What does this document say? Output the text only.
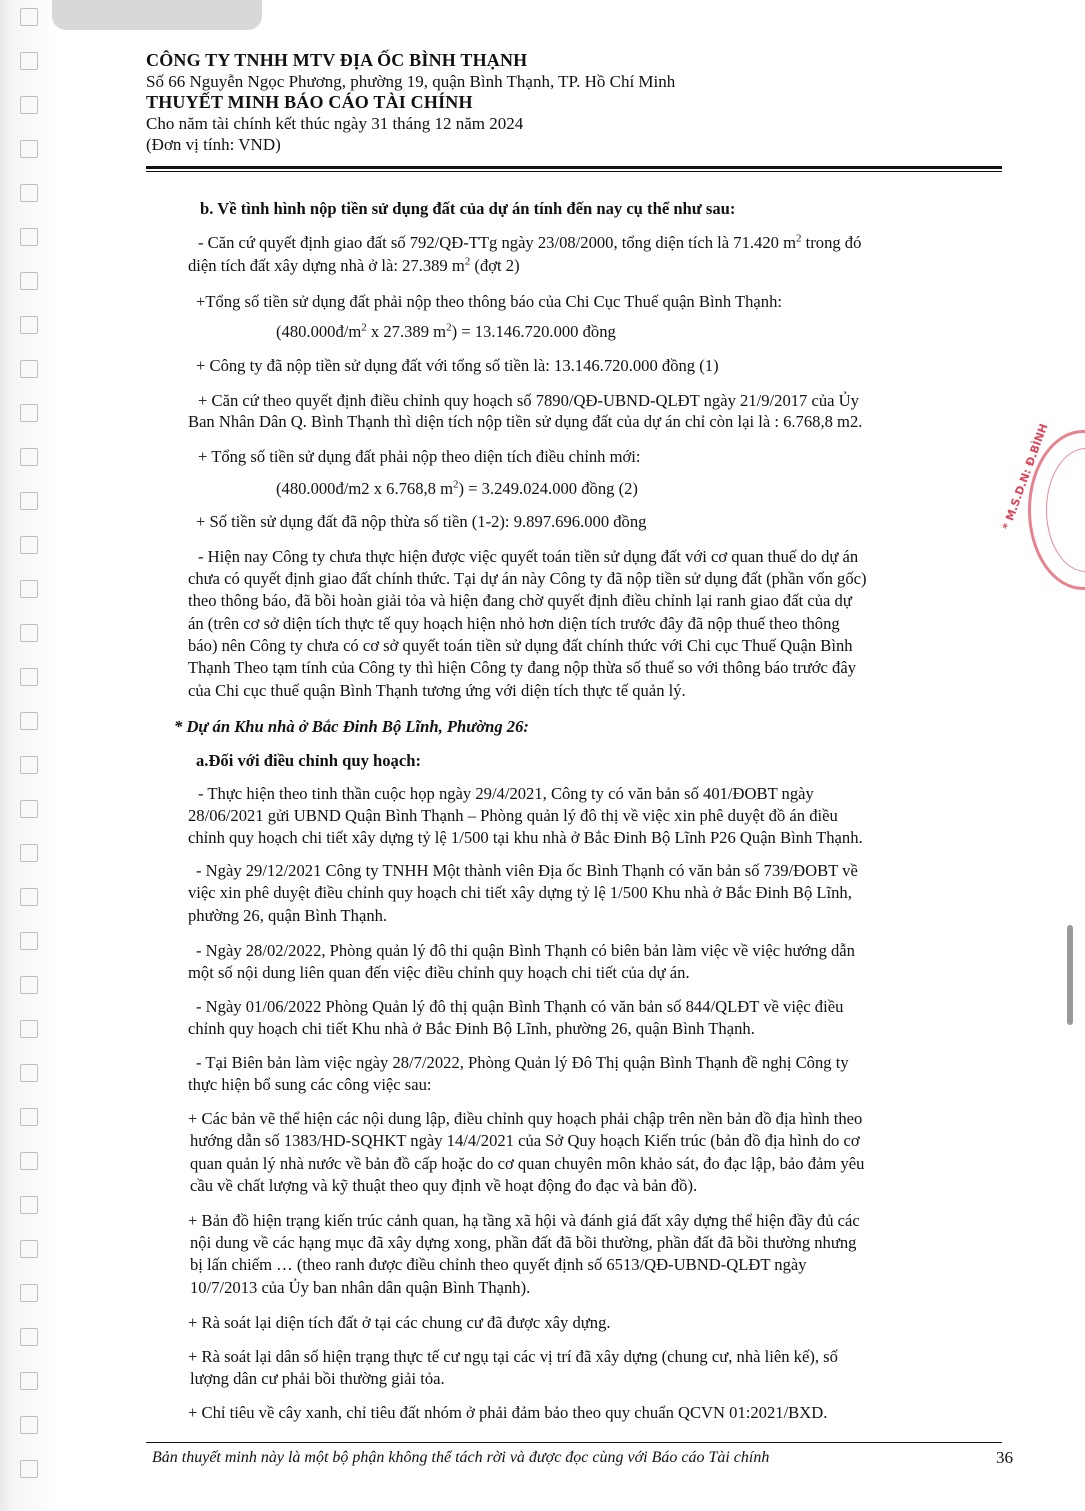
CÔNG TY TNHH MTV ĐỊA ỐC BÌNH THẠNH
Số 66 Nguyễn Ngọc Phương, phường 19, quận Bình Thạnh, TP. Hồ Chí Minh
THUYẾT MINH BÁO CÁO TÀI CHÍNH
Cho năm tài chính kết thúc ngày 31 tháng 12 năm 2024
(Đơn vị tính: VND)
* M.S.D.N: Đ.BÌNH
b. Về tình hình nộp tiền sử dụng đất của dự án tính đến nay cụ thể như sau:
- Căn cứ quyết định giao đất số 792/QĐ-TTg ngày 23/08/2000, tổng diện tích là 71.420 $m^2$ trong đó
diện tích đất xây dựng nhà ở là: 27.389 $m^2$ (đợt 2)
+Tổng số tiền sử dụng đất phải nộp theo thông báo của Chi Cục Thuế quận Bình Thạnh:
($480.000đ/m^2$ x 27.389 $m^2) = 13.146.720.000$ đồng
+ Công ty đã nộp tiền sử dụng đất với tổng số tiền là: 13.146.720.000 đồng (1)
+ Căn cứ theo quyết định điều chỉnh quy hoạch số 7890/QĐ-UBND-QLĐT ngày 21/9/2017 của Ủy
Ban Nhân Dân Q. Bình Thạnh thì diện tích nộp tiền sử dụng đất của dự án chỉ còn lại là : 6.768,8 m2.
+ Tổng số tiền sử dụng đất phải nộp theo diện tích điều chỉnh mới:
(480.000đ/m2 x 6.768,8 $m^2) = 3.249.024.000$ đồng (2)
+ Số tiền sử dụng đất đã nộp thừa số tiền (1-2): 9.897.696.000 đồng
- Hiện nay Công ty chưa thực hiện được việc quyết toán tiền sử dụng đất với cơ quan thuế do dự án
chưa có quyết định giao đất chính thức. Tại dự án này Công ty đã nộp tiền sử dụng đất (phần vốn gốc)
theo thông báo, đã bồi hoàn giải tỏa và hiện đang chờ quyết định điều chỉnh lại ranh giao đất của dự
án (trên cơ sở diện tích thực tế quy hoạch hiện nhỏ hơn diện tích trước đây đã nộp thuế theo thông
báo) nên Công ty chưa có cơ sở quyết toán tiền sử dụng đất chính thức với Chi cục Thuế Quận Bình
Thạnh Theo tạm tính của Công ty thì hiện Công ty đang nộp thừa số thuế so với thông báo trước đây
của Chi cục thuế quận Bình Thạnh tương ứng với diện tích thực tế quản lý.
* Dự án Khu nhà ở Bắc Đinh Bộ Lĩnh, Phường 26:
a.Đối với điều chỉnh quy hoạch:
- Thực hiện theo tinh thần cuộc họp ngày 29/4/2021, Công ty có văn bản số 401/ĐOBT ngày
28/06/2021 gửi UBND Quận Bình Thạnh – Phòng quản lý đô thị về việc xin phê duyệt đồ án điều
chỉnh quy hoạch chi tiết xây dựng tỷ lệ 1/500 tại khu nhà ở Bắc Đinh Bộ Lĩnh P26 Quận Bình Thạnh.
- Ngày 29/12/2021 Công ty TNHH Một thành viên Địa ốc Bình Thạnh có văn bản số 739/ĐOBT về
việc xin phê duyệt điều chỉnh quy hoạch chi tiết xây dựng tỷ lệ 1/500 Khu nhà ở Bắc Đinh Bộ Lĩnh,
phường 26, quận Bình Thạnh.
- Ngày 28/02/2022, Phòng quản lý đô thi quận Bình Thạnh có biên bản làm việc về việc hướng dẫn
một số nội dung liên quan đến việc điều chỉnh quy hoạch chi tiết của dự án.
- Ngày 01/06/2022 Phòng Quản lý đô thị quận Bình Thạnh có văn bản số 844/QLĐT về việc điều
chỉnh quy hoạch chi tiết Khu nhà ở Bắc Đinh Bộ Lĩnh, phường 26, quận Bình Thạnh.
- Tại Biên bản làm việc ngày 28/7/2022, Phòng Quản lý Đô Thị quận Bình Thạnh đề nghị Công ty
thực hiện bổ sung các công việc sau:
+ Các bản vẽ thể hiện các nội dung lập, điều chỉnh quy hoạch phải chập trên nền bản đồ địa hình theo
hướng dẫn số 1383/HD-SQHKT ngày 14/4/2021 của Sở Quy hoạch Kiến trúc (bản đồ địa hình do cơ
quan quản lý nhà nước về bản đồ cấp hoặc do cơ quan chuyên môn khảo sát, đo đạc lập, bảo đảm yêu
cầu về chất lượng và kỹ thuật theo quy định về hoạt động đo đạc và bản đồ).
+ Bản đồ hiện trạng kiến trúc cảnh quan, hạ tầng xã hội và đánh giá đất xây dựng thể hiện đầy đủ các
nội dung về các hạng mục đã xây dựng xong, phần đất đã bồi thường, phần đất đã bồi thường nhưng
bị lấn chiếm … (theo ranh được điều chỉnh theo quyết định số 6513/QĐ-UBND-QLĐT ngày
10/7/2013 của Ủy ban nhân dân quận Bình Thạnh).
+ Rà soát lại diện tích đất ở tại các chung cư đã được xây dựng.
+ Rà soát lại dân số hiện trạng thực tế cư ngụ tại các vị trí đã xây dựng (chung cư, nhà liên kế), số
lượng dân cư phải bồi thường giải tỏa.
+ Chỉ tiêu về cây xanh, chỉ tiêu đất nhóm ở phải đảm bảo theo quy chuẩn QCVN 01:2021/BXD.
Bản thuyết minh này là một bộ phận không thể tách rời và được đọc cùng với Báo cáo Tài chính	36
